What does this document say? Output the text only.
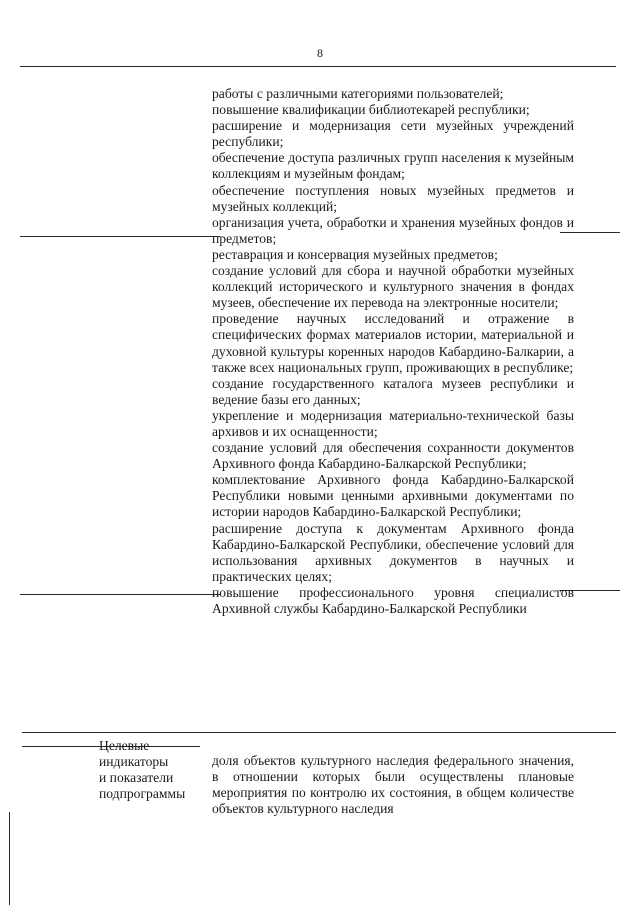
8

работы с различными категориями пользователей;

повышение квалификации библиотекарей республики;

расширение и модернизация сети музейных учреждений республики;

обеспечение доступа различных групп населения к музейным коллекциям и музейным фондам;

обеспечение поступления новых музейных предметов и музейных коллекций;

организация учета, обработки и хранения музейных фондов и предметов;

реставрация и консервация музейных предметов;

создание условий для сбора и научной обработки музейных коллекций исторического и культурного значения в фондах музеев, обеспечение их перевода на электронные носители;

проведение научных исследований и отражение в специфических формах материалов истории, материальной и духовной культуры коренных народов Кабардино-Балкарии, а также всех национальных групп, проживающих в республике;

создание государственного каталога музеев республики и ведение базы его данных;

укрепление и модернизация материально-технической базы архивов и их оснащенности;

создание условий для обеспечения сохранности документов Архивного фонда Кабардино-Балкарской Республики;

комплектование Архивного фонда Кабардино-Балкарской Республики новыми ценными архивными документами по истории народов Кабардино-Балкарской Республики;

расширение доступа к документам Архивного фонда Кабардино-Балкарской Республики, обеспечение условий для использования архивных документов в научных и практических целях;

повышение профессионального уровня специалистов Архивной службы Кабардино-Балкарской Республики

Целевые
индикаторы
и показатели
подпрограммы

доля объектов культурного наследия федерального значения, в отношении которых были осуществлены плановые мероприятия по контролю их состояния, в общем количестве объектов культурного наследия
